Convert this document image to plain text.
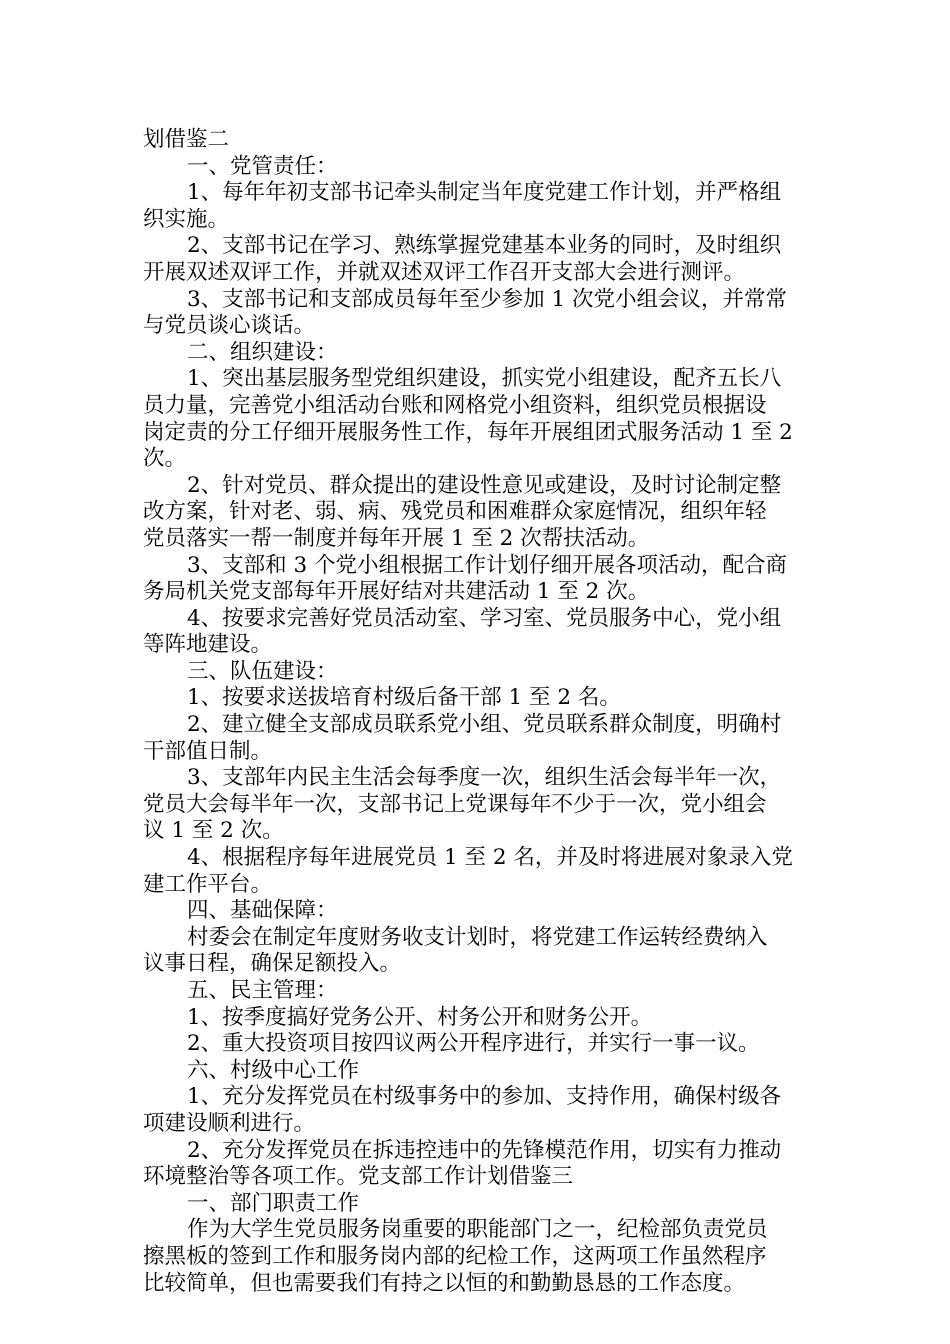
划借鉴二
一、党管责任：
1、每年年初支部书记牵头制定当年度党建工作计划，并严格组
织实施。
2、支部书记在学习、熟练掌握党建基本业务的同时，及时组织
开展双述双评工作，并就双述双评工作召开支部大会进行测评。
3、支部书记和支部成员每年至少参加 1 次党小组会议，并常常
与党员谈心谈话。
二、组织建设：
1、突出基层服务型党组织建设，抓实党小组建设，配齐五长八
员力量，完善党小组活动台账和网格党小组资料，组织党员根据设
岗定责的分工仔细开展服务性工作，每年开展组团式服务活动 1 至 2
次。
2、针对党员、群众提出的建设性意见或建设，及时讨论制定整
改方案，针对老、弱、病、残党员和困难群众家庭情况，组织年轻
党员落实一帮一制度并每年开展 1 至 2 次帮扶活动。
3、支部和 3 个党小组根据工作计划仔细开展各项活动，配合商
务局机关党支部每年开展好结对共建活动 1 至 2 次。
4、按要求完善好党员活动室、学习室、党员服务中心，党小组
等阵地建设。
三、队伍建设：
1、按要求送拔培育村级后备干部 1 至 2 名。
2、建立健全支部成员联系党小组、党员联系群众制度，明确村
干部值日制。
3、支部年内民主生活会每季度一次，组织生活会每半年一次，
党员大会每半年一次，支部书记上党课每年不少于一次，党小组会
议 1 至 2 次。
4、根据程序每年进展党员 1 至 2 名，并及时将进展对象录入党
建工作平台。
四、基础保障：
村委会在制定年度财务收支计划时，将党建工作运转经费纳入
议事日程，确保足额投入。
五、民主管理：
1、按季度搞好党务公开、村务公开和财务公开。
2、重大投资项目按四议两公开程序进行，并实行一事一议。
六、村级中心工作
1、充分发挥党员在村级事务中的参加、支持作用，确保村级各
项建设顺利进行。
2、充分发挥党员在拆违控违中的先锋模范作用，切实有力推动
环境整治等各项工作。党支部工作计划借鉴三
一、部门职责工作
作为大学生党员服务岗重要的职能部门之一，纪检部负责党员
擦黑板的签到工作和服务岗内部的纪检工作，这两项工作虽然程序
比较简单，但也需要我们有持之以恒的和勤勤恳恳的工作态度。
